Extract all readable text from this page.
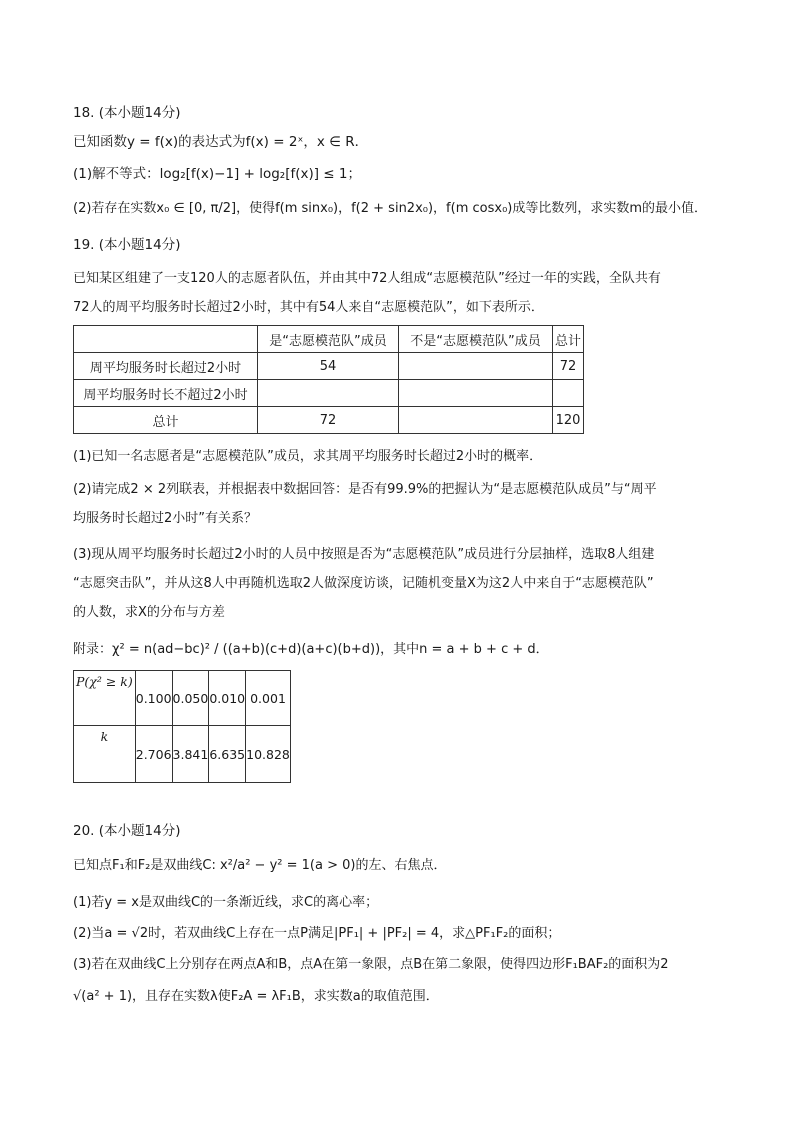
18. (本小题14分)
已知函数y = f(x)的表达式为f(x) = 2ˣ，x ∈ R．
(1)解不等式：log₂[f(x)−1] + log₂[f(x)] ≤ 1；
(2)若存在实数x₀ ∈ [0, π/2]，使得f(m sinx₀)，f(2 + sin2x₀)，f(m cosx₀)成等比数列，求实数m的最小值．
19. (本小题14分)
已知某区组建了一支120人的志愿者队伍，并由其中72人组成“志愿模范队”经过一年的实践，全队共有
72人的周平均服务时长超过2小时，其中有54人来自“志愿模范队”，如下表所示．
	是“志愿模范队”成员	不是“志愿模范队”成员	总计
周平均服务时长超过2小时	54		72
周平均服务时长不超过2小时			
总计	72		120
(1)已知一名志愿者是“志愿模范队”成员，求其周平均服务时长超过2小时的概率．
(2)请完成2 × 2列联表，并根据表中数据回答：是否有99.9%的把握认为“是志愿模范队成员”与“周平
均服务时长超过2小时”有关系？
(3)现从周平均服务时长超过2小时的人员中按照是否为“志愿模范队”成员进行分层抽样，选取8人组建
“志愿突击队”，并从这8人中再随机选取2人做深度访谈，记随机变量X为这2人中来自于“志愿模范队”
的人数，求X的分布与方差
附录：χ² = n(ad−bc)² / ((a+b)(c+d)(a+c)(b+d))，其中n = a + b + c + d．
P(χ² ≥ k)	0.100	0.050	0.010	0.001
k	2.706	3.841	6.635	10.828
20. (本小题14分)
已知点F₁和F₂是双曲线C: x²/a² − y² = 1(a > 0)的左、右焦点．
(1)若y = x是双曲线C的一条渐近线，求C的离心率；
(2)当a = √2时，若双曲线C上存在一点P满足|PF₁| + |PF₂| = 4，求△PF₁F₂的面积；
(3)若在双曲线C上分别存在两点A和B，点A在第一象限，点B在第二象限，使得四边形F₁BAF₂的面积为2
√(a² + 1)，且存在实数λ使F₂A = λF₁B，求实数a的取值范围．
